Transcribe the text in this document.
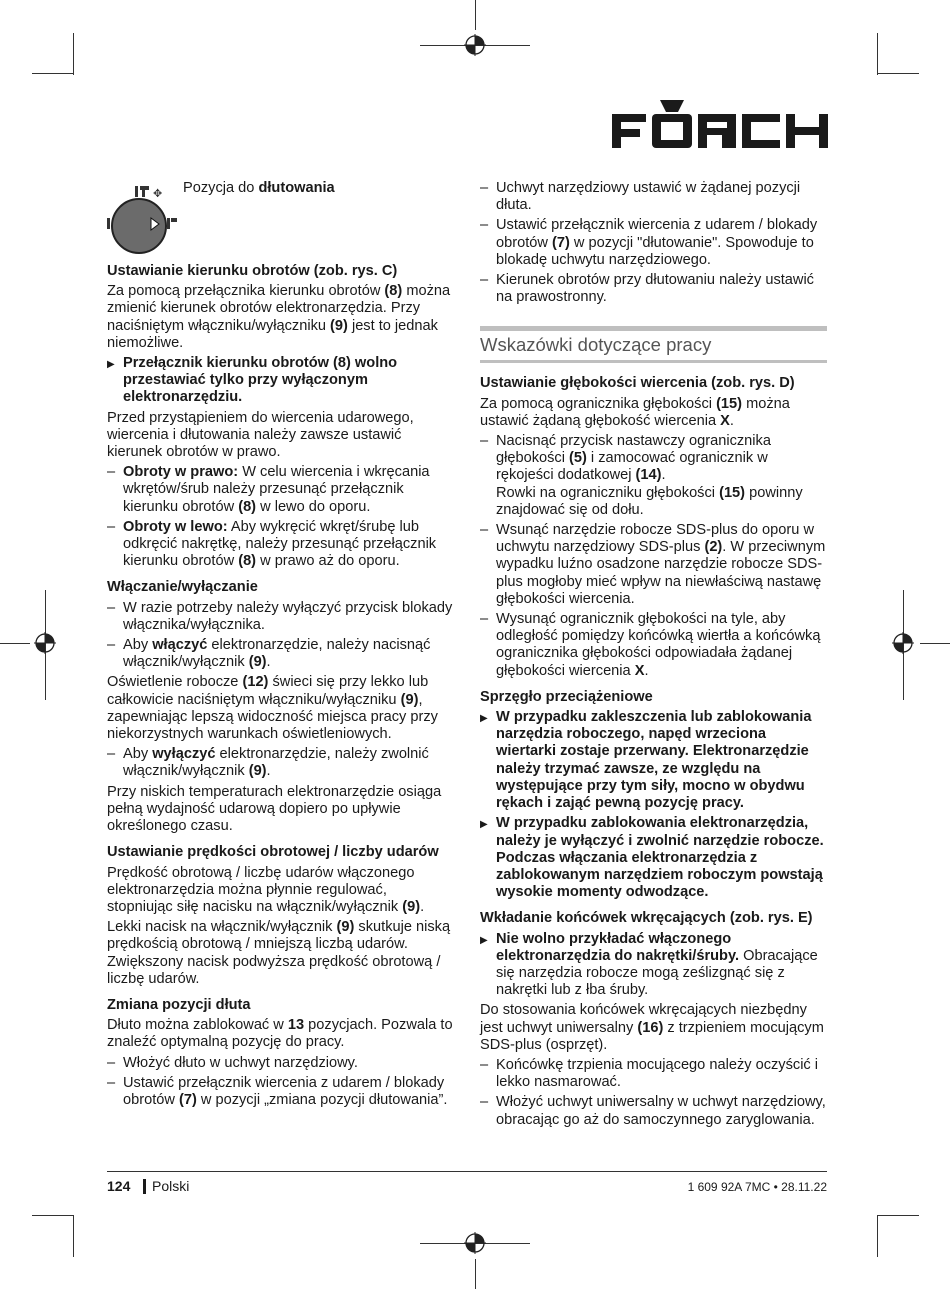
✥ Pozycja do dłutowania
Ustawianie kierunku obrotów (zob. rys. C)

Za pomocą przełącznika kierunku obrotów (8) można zmienić kierunek obrotów elektronarzędzia. Przy naciśniętym włączniku/wyłączniku (9) jest to jednak niemożliwe.

▶ Przełącznik kierunku obrotów (8) wolno przestawiać tylko przy wyłączonym elektronarzędziu.

Przed przystąpieniem do wiercenia udarowego, wiercenia i dłutowania należy zawsze ustawić kierunek obrotów w prawo.

– Obroty w prawo: W celu wiercenia i wkręcania wkrętów/śrub należy przesunąć przełącznik kierunku obrotów (8) w lewo do oporu.
– Obroty w lewo: Aby wykręcić wkręt/śrubę lub odkręcić nakrętkę, należy przesunąć przełącznik kierunku obrotów (8) w prawo aż do oporu.
Włączanie/wyłączanie
– W razie potrzeby należy wyłączyć przycisk blokady włącznika/wyłącznika.
– Aby włączyć elektronarzędzie, należy nacisnąć włącznik/wyłącznik (9).

Oświetlenie robocze (12) świeci się przy lekko lub całkowicie naciśniętym włączniku/wyłączniku (9), zapewniając lepszą widoczność miejsca pracy przy niekorzystnych warunkach oświetleniowych.

– Aby wyłączyć elektronarzędzie, należy zwolnić włącznik/wyłącznik (9).

Przy niskich temperaturach elektronarzędzie osiąga pełną wydajność udarową dopiero po upływie określonego czasu.

Ustawianie prędkości obrotowej / liczby udarów

Prędkość obrotową / liczbę udarów włączonego elektronarzędzia można płynnie regulować, stopniując siłę nacisku na włącznik/wyłącznik (9).

Lekki nacisk na włącznik/wyłącznik (9) skutkuje niską prędkością obrotową / mniejszą liczbą udarów. Zwiększony nacisk podwyższa prędkość obrotową / liczbę udarów.

Zmiana pozycji dłuta

Dłuto można zablokować w 13 pozycjach. Pozwala to znaleźć optymalną pozycję do pracy.

– Włożyć dłuto w uchwyt narzędziowy.
– Ustawić przełącznik wiercenia z udarem / blokady obrotów (7) w pozycji „zmiana pozycji dłutowania”.
– Uchwyt narzędziowy ustawić w żądanej pozycji dłuta.
– Ustawić przełącznik wiercenia z udarem / blokady obrotów (7) w pozycji "dłutowanie". Spowoduje to blokadę uchwytu narzędziowego.
– Kierunek obrotów przy dłutowaniu należy ustawić na prawostronny.
Wskazówki dotyczące pracy
Ustawianie głębokości wiercenia (zob. rys. D)

Za pomocą ogranicznika głębokości (15) można ustawić żądaną głębokość wiercenia X.

– Nacisnąć przycisk nastawczy ogranicznika głębokości (5) i zamocować ogranicznik w rękojeści dodatkowej (14).
Rowki na ograniczniku głębokości (15) powinny znajdować się od dołu.
– Wsunąć narzędzie robocze SDS-plus do oporu w uchwytu narzędziowy SDS-plus (2). W przeciwnym wypadku luźno osadzone narzędzie robocze SDS-plus mogłoby mieć wpływ na niewłaściwą nastawę głębokości wiercenia.
– Wysunąć ogranicznik głębokości na tyle, aby odległość pomiędzy końcówką wiertła a końcówką ogranicznika głębokości odpowiadała żądanej głębokości wiercenia X.
Sprzęgło przeciążeniowe
▶ W przypadku zakleszczenia lub zablokowania narzędzia roboczego, napęd wrzeciona wiertarki zostaje przerwany. Elektronarzędzie należy trzymać zawsze, ze względu na występujące przy tym siły, mocno w obydwu rękach i zająć pewną pozycję pracy.
▶ W przypadku zablokowania elektronarzędzia, należy je wyłączyć i zwolnić narzędzie robocze. Podczas włączania elektronarzędzia z zablokowanym narzędziem roboczym powstają wysokie momenty odwodzące.
Wkładanie końcówek wkręcających (zob. rys. E)
▶ Nie wolno przykładać włączonego elektronarzędzia do nakrętki/śruby. Obracające się narzędzia robocze mogą ześlizgnąć się z nakrętki lub z łba śruby.

Do stosowania końcówek wkręcających niezbędny jest uchwyt uniwersalny (16) z trzpieniem mocującym SDS-plus (osprzęt).

– Końcówkę trzpienia mocującego należy oczyścić i lekko nasmarować.
– Włożyć uchwyt uniwersalny w uchwyt narzędziowy, obracając go aż do samoczynnego zaryglowania.
124 Polski	1 609 92A 7MC • 28.11.22
